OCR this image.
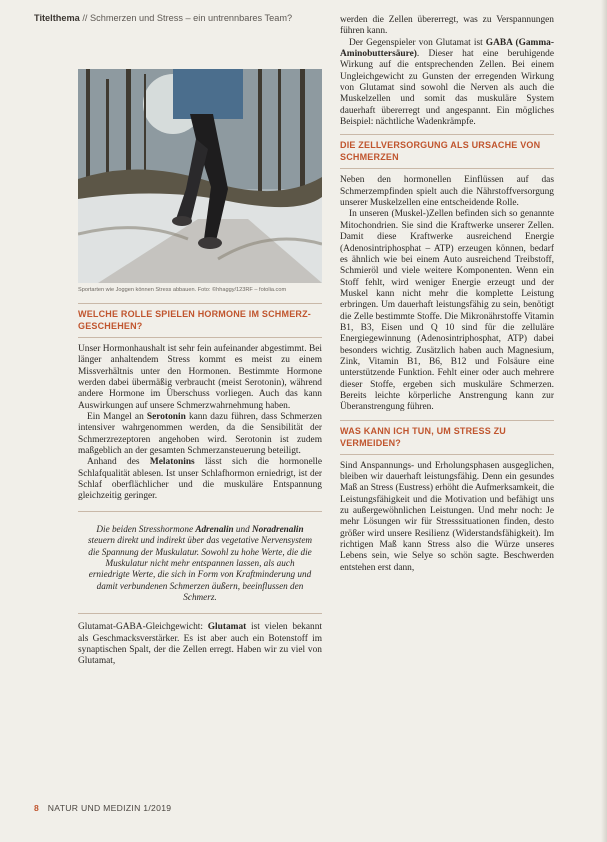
Titelthema // Schmerzen und Stress – ein untrennbares Team?
Sportarten wie Joggen können Stress abbauen. Foto: ©hhaggy/123RF – fotolia.com
WELCHE ROLLE SPIELEN HORMONE IM SCHMERZ-GESCHEHEN?

Unser Hormonhaushalt ist sehr fein aufeinander abgestimmt. Bei länger anhaltendem Stress kommt es meist zu einem Missverhältnis unter den Hormonen. Bestimmte Hormone werden dabei übermäßig verbraucht (meist Serotonin), während andere Hormone im Überschuss vorliegen. Auch das kann Auswirkungen auf unsere Schmerzwahrnehmung haben.

Ein Mangel an Serotonin kann dazu führen, dass Schmerzen intensiver wahrgenommen werden, da die Sensibilität der Schmerzrezeptoren angehoben wird. Serotonin ist zudem maßgeblich an der gesamten Schmerzansteuerung beteiligt.

Anhand des Melatonins lässt sich die hormonelle Schlafqualität ablesen. Ist unser Schlafhormon erniedrigt, ist der Schlaf oberflächlicher und die muskuläre Entspannung gleichzeitig geringer.

Die beiden Stresshormone Adrenalin und Noradrenalin steuern direkt und indirekt über das vegetative Nervensystem die Spannung der Muskulatur. Sowohl zu hohe Werte, die die Muskulatur nicht mehr entspannen lassen, als auch erniedrigte Werte, die sich in Form von Kraftminderung und damit verbundenen Schmerzen äußern, beeinflussen den Schmerz.

Glutamat-GABA-Gleichgewicht: Glutamat ist vielen bekannt als Geschmacksverstärker. Es ist aber auch ein Botenstoff im synaptischen Spalt, der die Zellen erregt. Haben wir zu viel von Glutamat,

werden die Zellen übererregt, was zu Verspannungen führen kann.

Der Gegenspieler von Glutamat ist GABA (Gamma-Aminobuttersäure). Dieser hat eine beruhigende Wirkung auf die entsprechenden Zellen. Bei einem Ungleichgewicht zu Gunsten der erregenden Wirkung von Glutamat sind sowohl die Nerven als auch die Muskelzellen und somit das muskuläre System dauerhaft übererregt und angespannt. Ein mögliches Beispiel: nächtliche Wadenkrämpfe.

DIE ZELLVERSORGUNG ALS URSACHE VON SCHMERZEN

Neben den hormonellen Einflüssen auf das Schmerzempfinden spielt auch die Nährstoffversorgung unserer Muskelzellen eine entscheidende Rolle.

In unseren (Muskel-)Zellen befinden sich so genannte Mitochondrien. Sie sind die Kraftwerke unserer Zellen. Damit diese Kraftwerke ausreichend Energie (Adenosintriphosphat – ATP) erzeugen können, bedarf es ähnlich wie bei einem Auto ausreichend Treibstoff, Schmieröl und viele weitere Komponenten. Wenn ein Stoff fehlt, wird weniger Energie erzeugt und der Muskel kann nicht mehr die komplette Leistung erbringen. Um dauerhaft leistungsfähig zu sein, benötigt die Zelle bestimmte Stoffe. Die Mikronährstoffe Vitamin B1, B3, Eisen und Q 10 sind für die zelluläre Energiegewinnung (Adenosintriphosphat, ATP) dabei besonders wichtig. Zusätzlich haben auch Magnesium, Zink, Vitamin B1, B6, B12 und Folsäure eine unterstützende Funktion. Fehlt einer oder auch mehrere dieser Stoffe, ergeben sich muskuläre Schmerzen. Bereits leichte körperliche Anstrengung kann zur Überanstrengung führen.

WAS KANN ICH TUN, UM STRESS ZU VERMEIDEN?

Sind Anspannungs- und Erholungsphasen ausgeglichen, bleiben wir dauerhaft leistungsfähig. Denn ein gesundes Maß an Stress (Eustress) erhöht die Aufmerksamkeit, die Leistungsfähigkeit und die Motivation und befähigt uns zu außergewöhnlichen Leistungen. Und mehr noch: Je mehr Lösungen wir für Stresssituationen finden, desto größer wird unsere Resilienz (Widerstandsfähigkeit). Im richtigen Maß kann Stress also die Würze unseres Lebens sein, wie Selye so schön sagte. Beschwerden entstehen erst dann,

8 NATUR UND MEDIZIN 1/2019
